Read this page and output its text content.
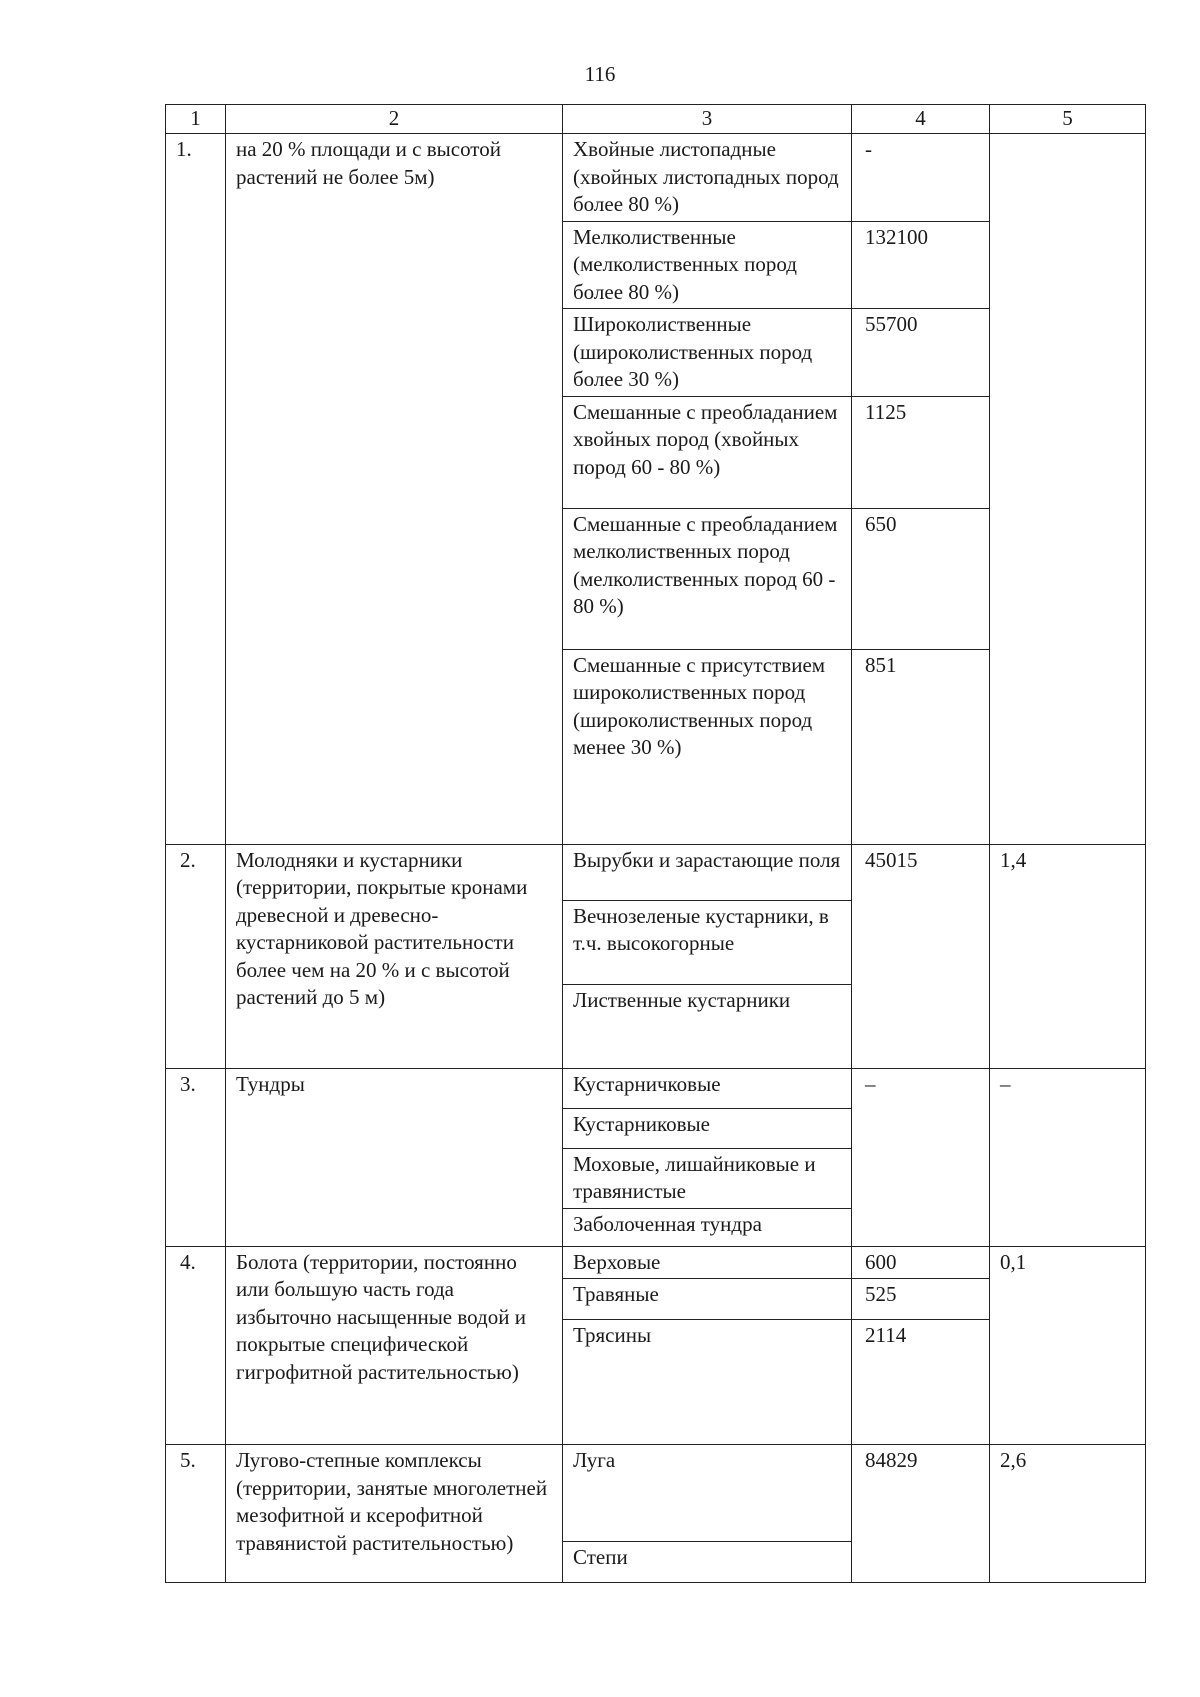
116
1	2	3	4	5
1.	на 20 % площади и с высотой растений не более 5м)	Хвойные листопадные (хвойных листопадных пород более 80 %)	-	
		Мелколиственные (мелколиственных пород более 80 %)	132100	
		Широколиственные (широколиственных пород более 30 %)	55700	
		Смешанные с преобладанием хвойных пород (хвойных пород 60 - 80 %)	1125	
		Смешанные с преобладанием мелколиственных пород (мелколиственных пород 60 - 80 %)	650	
		Смешанные с присутствием широколиственных пород (широколиственных пород менее 30 %)	851	
2.	Молодняки и кустарники (территории, покрытые кронами древесной и древесно-кустарниковой растительности более чем на 20 % и с высотой растений до 5 м)	Вырубки и зарастающие поля	45015	1,4
		Вечнозеленые кустарники, в т.ч. высокогорные		
		Лиственные кустарники		
3.	Тундры	Кустарничковые	–	–
		Кустарниковые		
		Моховые, лишайниковые и травянистые		
		Заболоченная тундра		
4.	Болота (территории, постоянно или большую часть года избыточно насыщенные водой и покрытые специфической гигрофитной растительностью)	Верховые	600	0,1
		Травяные	525	
		Трясины	2114	
5.	Лугово-степные комплексы (территории, занятые многолетней мезофитной и ксерофитной травянистой растительностью)	Луга	84829	2,6
		Степи		
